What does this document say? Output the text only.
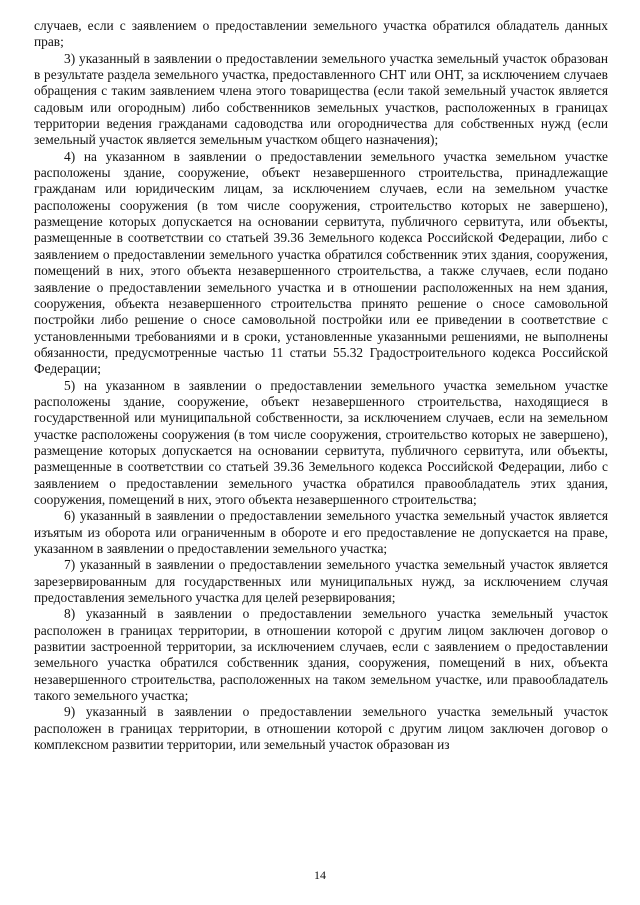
случаев, если с заявлением о предоставлении земельного участка обратился обладатель данных прав;

3) указанный в заявлении о предоставлении земельного участка земельный участок образован в результате раздела земельного участка, предоставленного СНТ или ОНТ, за исключением случаев обращения с таким заявлением члена этого товарищества (если такой земельный участок является садовым или огородным) либо собственников земельных участков, расположенных в границах территории ведения гражданами садоводства или огородничества для собственных нужд (если земельный участок является земельным участком общего назначения);

4) на указанном в заявлении о предоставлении земельного участка земельном участке расположены здание, сооружение, объект незавершенного строительства, принадлежащие гражданам или юридическим лицам, за исключением случаев, если на земельном участке расположены сооружения (в том числе сооружения, строительство которых не завершено), размещение которых допускается на основании сервитута, публичного сервитута, или объекты, размещенные в соответствии со статьей 39.36 Земельного кодекса Российской Федерации, либо с заявлением о предоставлении земельного участка обратился собственник этих здания, сооружения, помещений в них, этого объекта незавершенного строительства, а также случаев, если подано заявление о предоставлении земельного участка и в отношении расположенных на нем здания, сооружения, объекта незавершенного строительства принято решение о сносе самовольной постройки либо решение о сносе самовольной постройки или ее приведении в соответствие с установленными требованиями и в сроки, установленные указанными решениями, не выполнены обязанности, предусмотренные частью 11 статьи 55.32 Градостроительного кодекса Российской Федерации;

5) на указанном в заявлении о предоставлении земельного участка земельном участке расположены здание, сооружение, объект незавершенного строительства, находящиеся в государственной или муниципальной собственности, за исключением случаев, если на земельном участке расположены сооружения (в том числе сооружения, строительство которых не завершено), размещение которых допускается на основании сервитута, публичного сервитута, или объекты, размещенные в соответствии со статьей 39.36 Земельного кодекса Российской Федерации, либо с заявлением о предоставлении земельного участка обратился правообладатель этих здания, сооружения, помещений в них, этого объекта незавершенного строительства;

6) указанный в заявлении о предоставлении земельного участка земельный участок является изъятым из оборота или ограниченным в обороте и его предоставление не допускается на праве, указанном в заявлении о предоставлении земельного участка;

7) указанный в заявлении о предоставлении земельного участка земельный участок является зарезервированным для государственных или муниципальных нужд, за исключением случая предоставления земельного участка для целей резервирования;

8) указанный в заявлении о предоставлении земельного участка земельный участок расположен в границах территории, в отношении которой с другим лицом заключен договор о развитии застроенной территории, за исключением случаев, если с заявлением о предоставлении земельного участка обратился собственник здания, сооружения, помещений в них, объекта незавершенного строительства, расположенных на таком земельном участке, или правообладатель такого земельного участка;

9) указанный в заявлении о предоставлении земельного участка земельный участок расположен в границах территории, в отношении которой с другим лицом заключен договор о комплексном развитии территории, или земельный участок образован из

14
